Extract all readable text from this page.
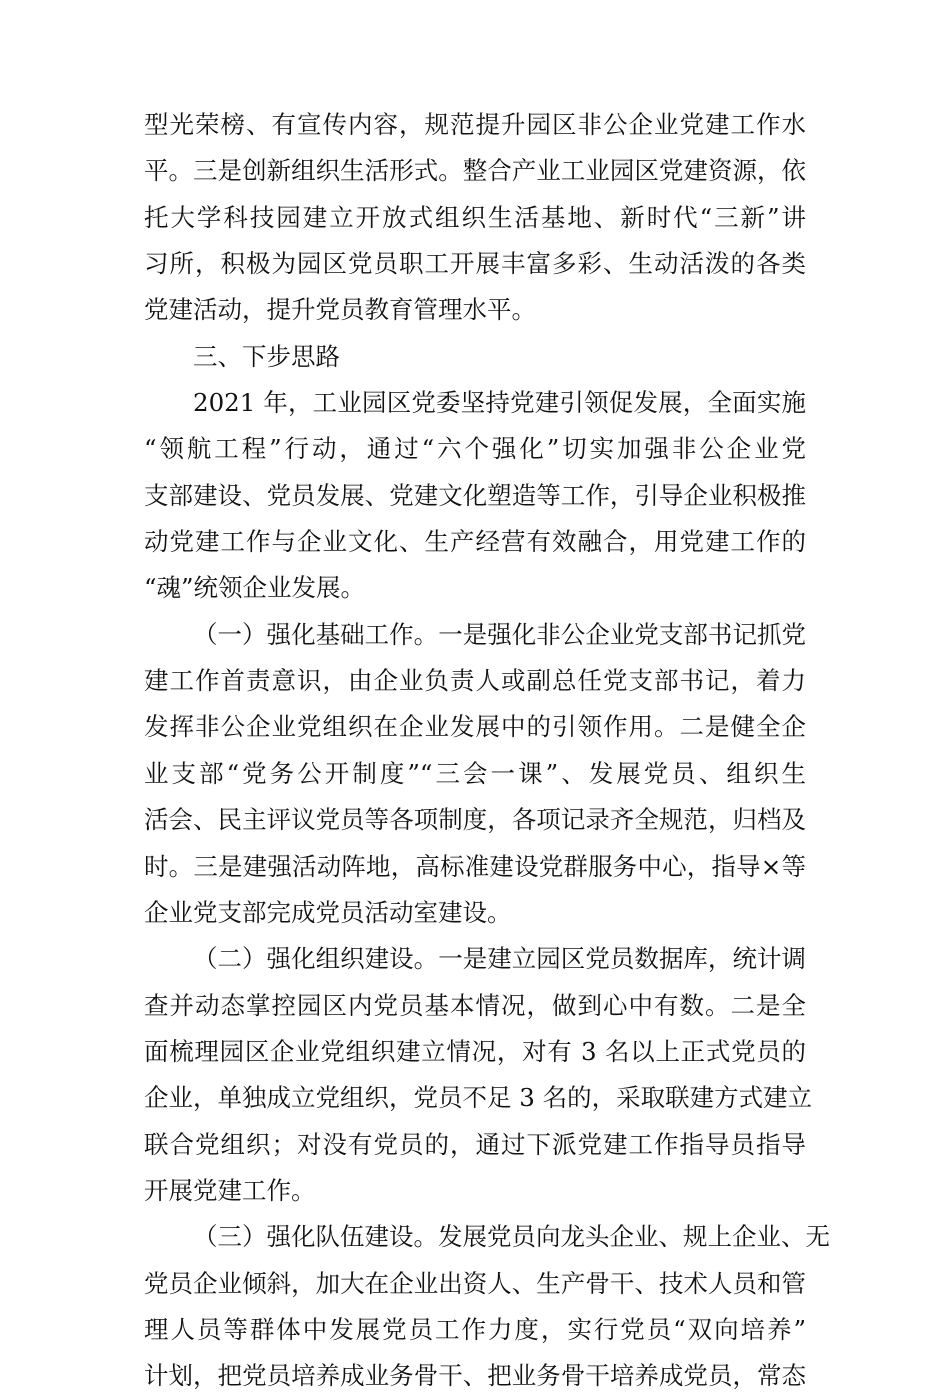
型光荣榜、有宣传内容，规范提升园区非公企业党建工作水
平。三是创新组织生活形式。整合产业工业园区党建资源，依
托大学科技园建立开放式组织生活基地、新时代“三新”讲
习所，积极为园区党员职工开展丰富多彩、生动活泼的各类
党建活动，提升党员教育管理水平。
三、下步思路
2021 年，工业园区党委坚持党建引领促发展，全面实施
“领航工程”行动，通过“六个强化”切实加强非公企业党
支部建设、党员发展、党建文化塑造等工作，引导企业积极推
动党建工作与企业文化、生产经营有效融合，用党建工作的
“魂”统领企业发展。
（一）强化基础工作。一是强化非公企业党支部书记抓党
建工作首责意识，由企业负责人或副总任党支部书记，着力
发挥非公企业党组织在企业发展中的引领作用。二是健全企
业支部“党务公开制度”“三会一课”、发展党员、组织生
活会、民主评议党员等各项制度，各项记录齐全规范，归档及
时。三是建强活动阵地，高标准建设党群服务中心，指导×等
企业党支部完成党员活动室建设。
（二）强化组织建设。一是建立园区党员数据库，统计调
查并动态掌控园区内党员基本情况，做到心中有数。二是全
面梳理园区企业党组织建立情况，对有 3 名以上正式党员的
企业，单独成立党组织，党员不足 3 名的，采取联建方式建立
联合党组织；对没有党员的，通过下派党建工作指导员指导
开展党建工作。
（三）强化队伍建设。发展党员向龙头企业、规上企业、无
党员企业倾斜，加大在企业出资人、生产骨干、技术人员和管
理人员等群体中发展党员工作力度，实行党员“双向培养”
计划，把党员培养成业务骨干、把业务骨干培养成党员，常态
